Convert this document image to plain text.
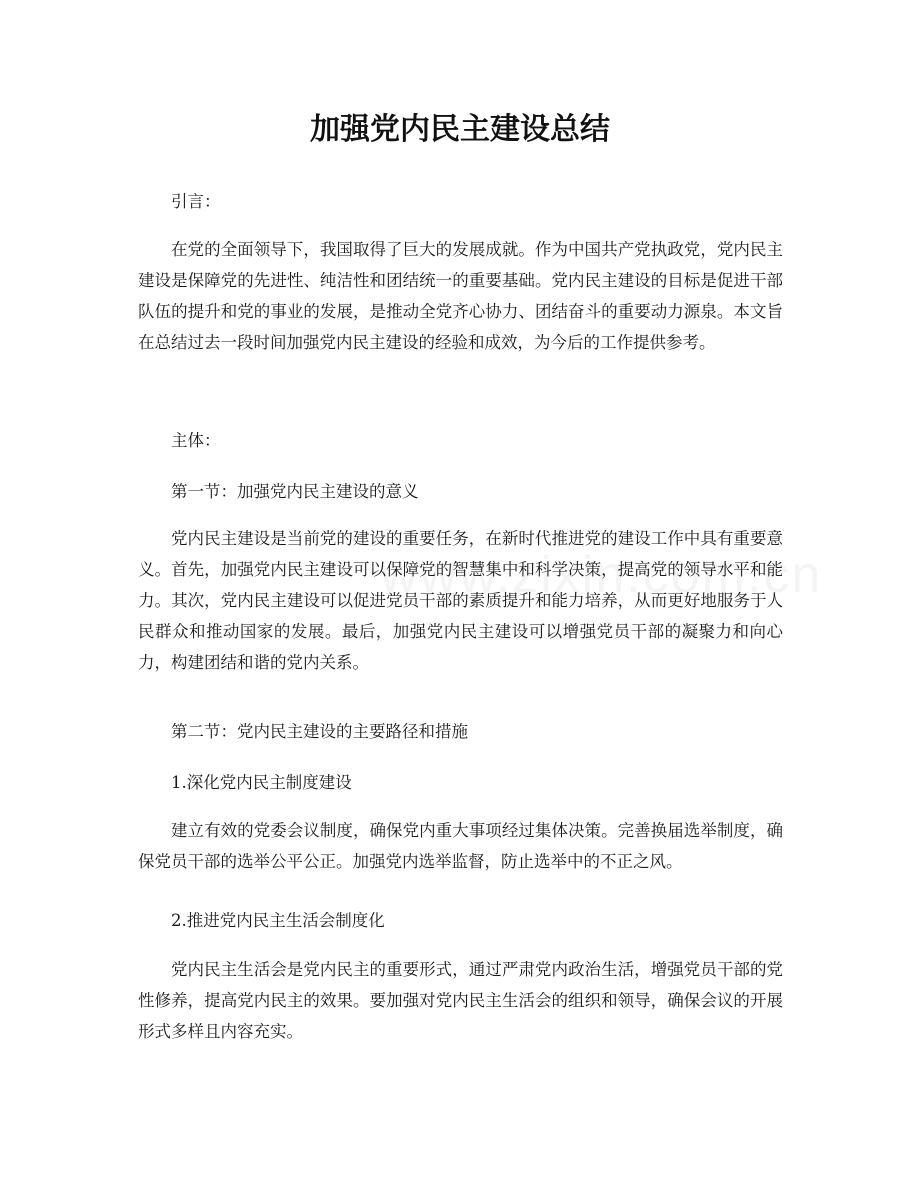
加强党内民主建设总结

引言：

在党的全面领导下，我国取得了巨大的发展成就。作为中国共产党执政党，党内民主建设是保障党的先进性、纯洁性和团结统一的重要基础。党内民主建设的目标是促进干部队伍的提升和党的事业的发展，是推动全党齐心协力、团结奋斗的重要动力源泉。本文旨在总结过去一段时间加强党内民主建设的经验和成效，为今后的工作提供参考。

主体：

第一节：加强党内民主建设的意义

党内民主建设是当前党的建设的重要任务，在新时代推进党的建设工作中具有重要意义。首先，加强党内民主建设可以保障党的智慧集中和科学决策，提高党的领导水平和能力。其次，党内民主建设可以促进党员干部的素质提升和能力培养，从而更好地服务于人民群众和推动国家的发展。最后，加强党内民主建设可以增强党员干部的凝聚力和向心力，构建团结和谐的党内关系。

第二节：党内民主建设的主要路径和措施

1.深化党内民主制度建设

建立有效的党委会议制度，确保党内重大事项经过集体决策。完善换届选举制度，确保党员干部的选举公平公正。加强党内选举监督，防止选举中的不正之风。

2.推进党内民主生活会制度化

党内民主生活会是党内民主的重要形式，通过严肃党内政治生活，增强党员干部的党性修养，提高党内民主的效果。要加强对党内民主生活会的组织和领导，确保会议的开展形式多样且内容充实。
